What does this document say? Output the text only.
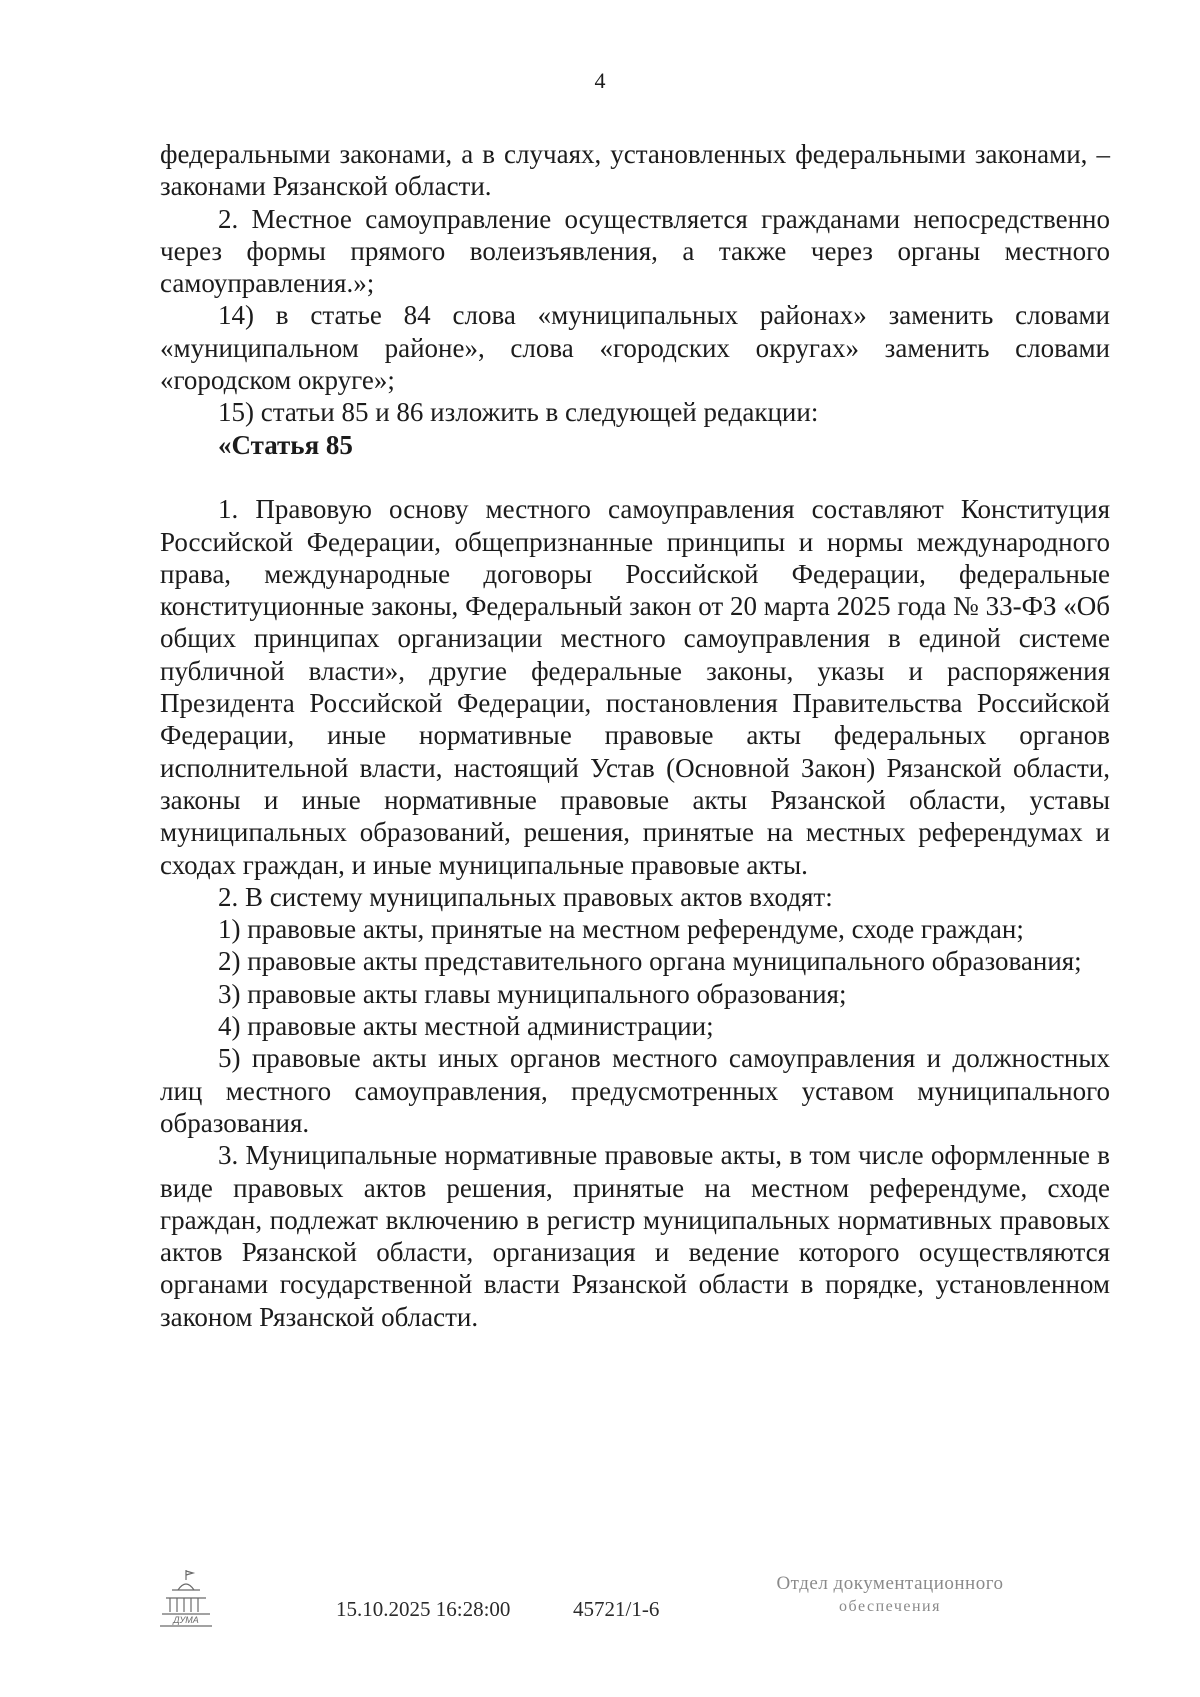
4

федеральными законами, а в случаях, установленных федеральными законами, – законами Рязанской области.

2. Местное самоуправление осуществляется гражданами непосредственно через формы прямого волеизъявления, а также через органы местного самоуправления.»;

14) в статье 84 слова «муниципальных районах» заменить словами «муниципальном районе», слова «городских округах» заменить словами «городском округе»;

15) статьи 85 и 86 изложить в следующей редакции:

«Статья 85

1. Правовую основу местного самоуправления составляют Конституция Российской Федерации, общепризнанные принципы и нормы международного права, международные договоры Российской Федерации, федеральные конституционные законы, Федеральный закон от 20 марта 2025 года № 33-ФЗ «Об общих принципах организации местного самоуправления в единой системе публичной власти», другие федеральные законы, указы и распоряжения Президента Российской Федерации, постановления Правительства Российской Федерации, иные нормативные правовые акты федеральных органов исполнительной власти, настоящий Устав (Основной Закон) Рязанской области, законы и иные нормативные правовые акты Рязанской области, уставы муниципальных образований, решения, принятые на местных референдумах и сходах граждан, и иные муниципальные правовые акты.

2. В систему муниципальных правовых актов входят:

1) правовые акты, принятые на местном референдуме, сходе граждан;

2) правовые акты представительного органа муниципального образования;

3) правовые акты главы муниципального образования;

4) правовые акты местной администрации;

5) правовые акты иных органов местного самоуправления и должностных лиц местного самоуправления, предусмотренных уставом муниципального образования.

3. Муниципальные нормативные правовые акты, в том числе оформленные в виде правовых актов решения, принятые на местном референдуме, сходе граждан, подлежат включению в регистр муниципальных нормативных правовых актов Рязанской области, организация и ведение которого осуществляются органами государственной власти Рязанской области в порядке, установленном законом Рязанской области.

ДУМА	15.10.2025 16:28:00	45721/1-6
Отдел документационного
обеспечения
